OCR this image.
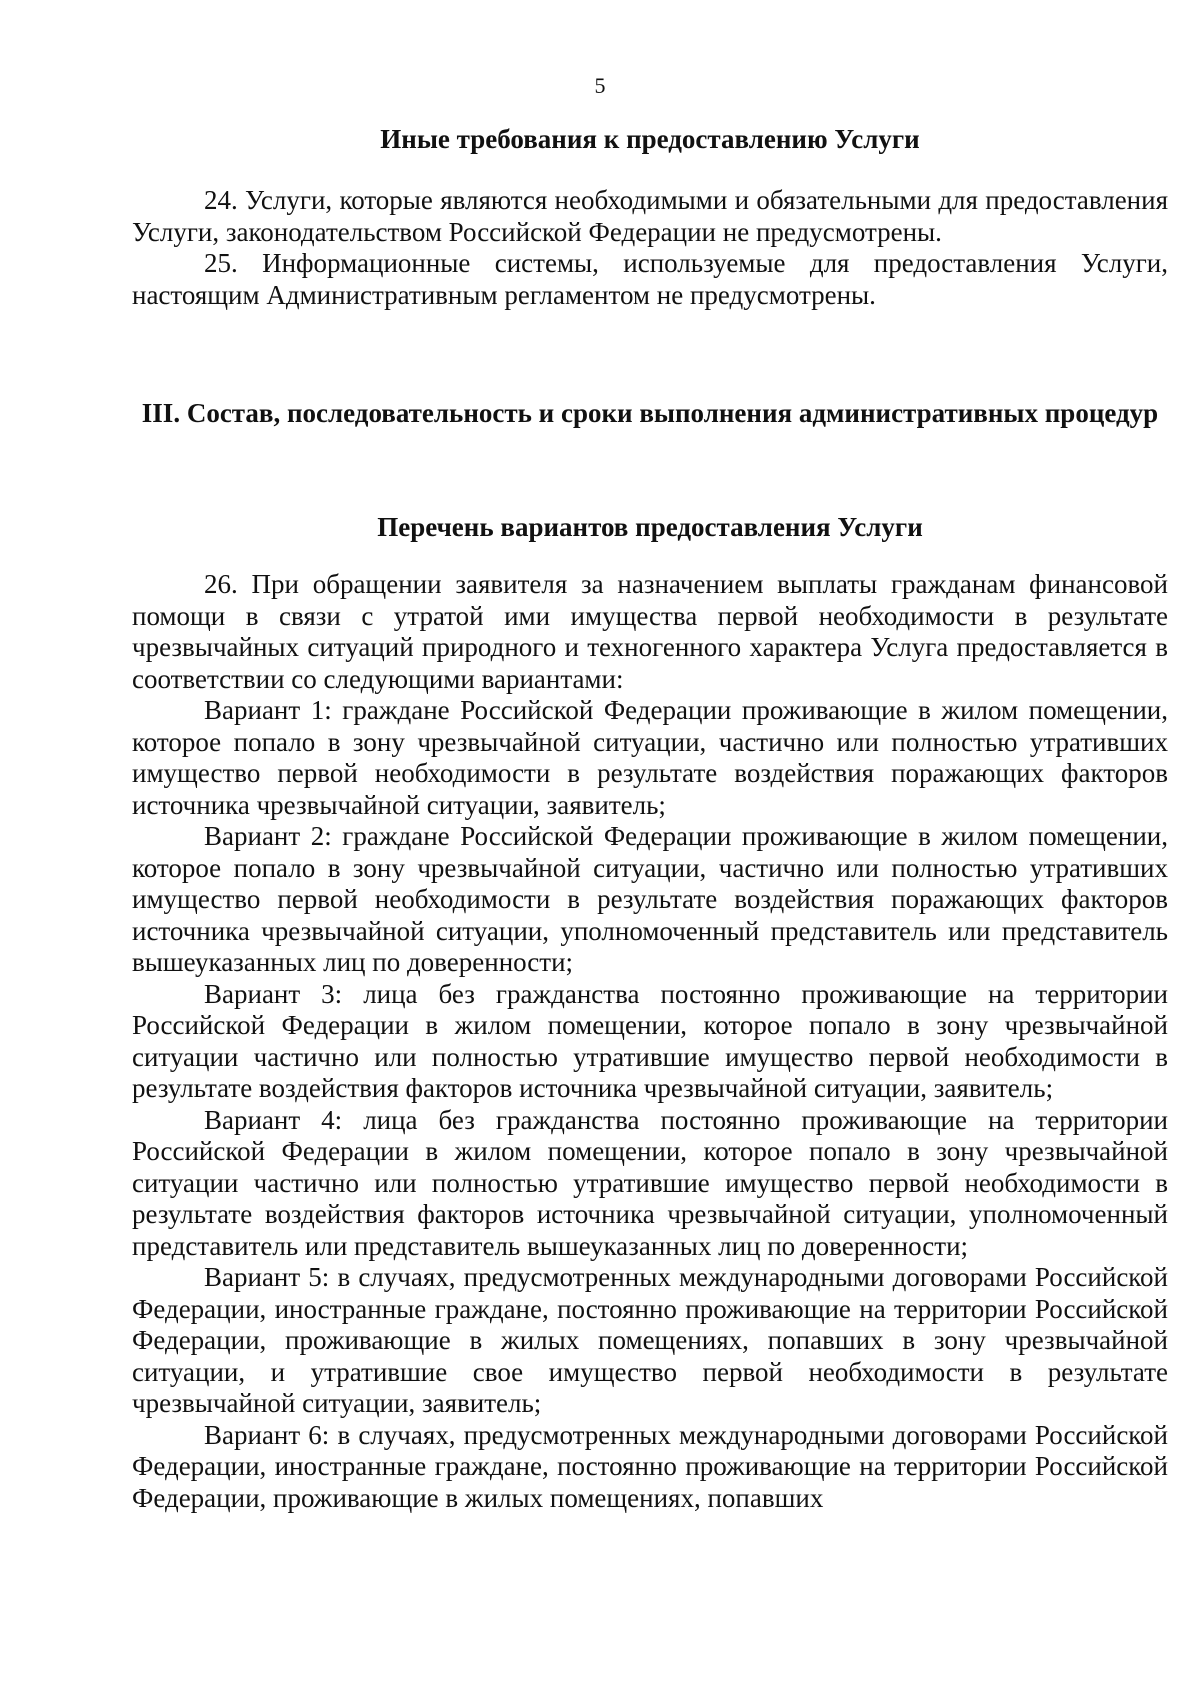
5

Иные требования к предоставлению Услуги

24. Услуги, которые являются необходимыми и обязательными для предоставления Услуги, законодательством Российской Федерации не предусмотрены.

25. Информационные системы, используемые для предоставления Услуги, настоящим Административным регламентом не предусмотрены.

III. Состав, последовательность и сроки выполнения административных процедур

Перечень вариантов предоставления Услуги

26. При обращении заявителя за назначением выплаты гражданам финансовой помощи в связи с утратой ими имущества первой необходимости в результате чрезвычайных ситуаций природного и техногенного характера Услуга предоставляется в соответствии со следующими вариантами:

Вариант 1: граждане Российской Федерации проживающие в жилом помещении, которое попало в зону чрезвычайной ситуации, частично или полностью утративших имущество первой необходимости в результате воздействия поражающих факторов источника чрезвычайной ситуации, заявитель;

Вариант 2: граждане Российской Федерации проживающие в жилом помещении, которое попало в зону чрезвычайной ситуации, частично или полностью утративших имущество первой необходимости в результате воздействия поражающих факторов источника чрезвычайной ситуации, уполномоченный представитель или представитель вышеуказанных лиц по доверенности;

Вариант 3: лица без гражданства постоянно проживающие на территории Российской Федерации в жилом помещении, которое попало в зону чрезвычайной ситуации частично или полностью утратившие имущество первой необходимости в результате воздействия факторов источника чрезвычайной ситуации, заявитель;

Вариант 4: лица без гражданства постоянно проживающие на территории Российской Федерации в жилом помещении, которое попало в зону чрезвычайной ситуации частично или полностью утратившие имущество первой необходимости в результате воздействия факторов источника чрезвычайной ситуации, уполномоченный представитель или представитель вышеуказанных лиц по доверенности;

Вариант 5: в случаях, предусмотренных международными договорами Российской Федерации, иностранные граждане, постоянно проживающие на территории Российской Федерации, проживающие в жилых помещениях, попавших в зону чрезвычайной ситуации, и утратившие свое имущество первой необходимости в результате чрезвычайной ситуации, заявитель;

Вариант 6: в случаях, предусмотренных международными договорами Российской Федерации, иностранные граждане, постоянно проживающие на территории Российской Федерации, проживающие в жилых помещениях, попавших
